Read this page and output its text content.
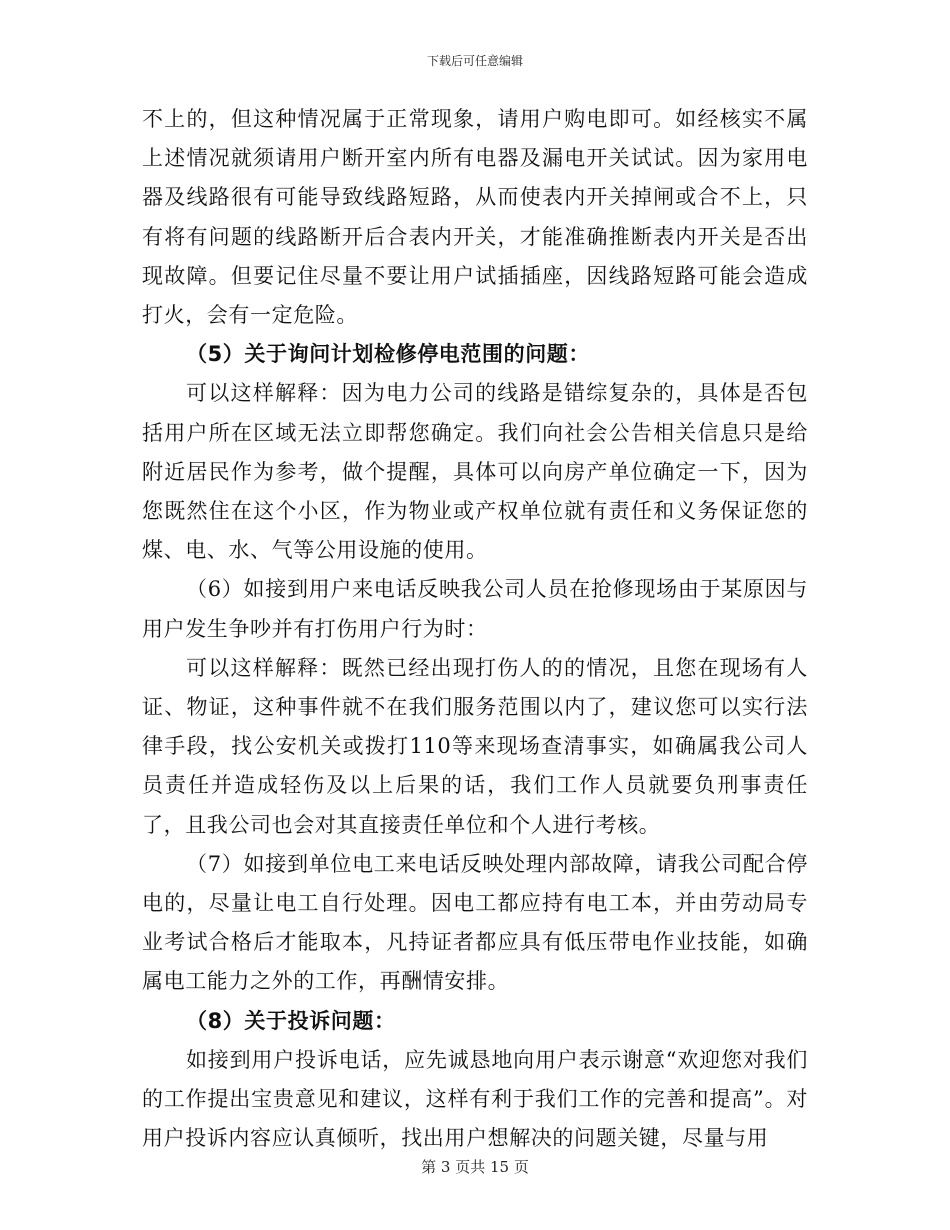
下载后可任意编辑

不上的，但这种情况属于正常现象，请用户购电即可。如经核实不属上述情况就须请用户断开室内所有电器及漏电开关试试。因为家用电器及线路很有可能导致线路短路，从而使表内开关掉闸或合不上，只有将有问题的线路断开后合表内开关，才能准确推断表内开关是否出现故障。但要记住尽量不要让用户试插插座，因线路短路可能会造成打火，会有一定危险。

（5）关于询问计划检修停电范围的问题：

可以这样解释：因为电力公司的线路是错综复杂的，具体是否包括用户所在区域无法立即帮您确定。我们向社会公告相关信息只是给附近居民作为参考，做个提醒，具体可以向房产单位确定一下，因为您既然住在这个小区，作为物业或产权单位就有责任和义务保证您的煤、电、水、气等公用设施的使用。

（6）如接到用户来电话反映我公司人员在抢修现场由于某原因与用户发生争吵并有打伤用户行为时：

可以这样解释：既然已经出现打伤人的的情况，且您在现场有人证、物证，这种事件就不在我们服务范围以内了，建议您可以实行法律手段，找公安机关或拨打110等来现场查清事实，如确属我公司人员责任并造成轻伤及以上后果的话，我们工作人员就要负刑事责任了，且我公司也会对其直接责任单位和个人进行考核。

（7）如接到单位电工来电话反映处理内部故障，请我公司配合停电的，尽量让电工自行处理。因电工都应持有电工本，并由劳动局专业考试合格后才能取本，凡持证者都应具有低压带电作业技能，如确属电工能力之外的工作，再酬情安排。

（8）关于投诉问题：

如接到用户投诉电话，应先诚恳地向用户表示谢意“欢迎您对我们的工作提出宝贵意见和建议，这样有利于我们工作的完善和提高”。对用户投诉内容应认真倾听，找出用户想解决的问题关键，尽量与用

第 3 页共 15 页
